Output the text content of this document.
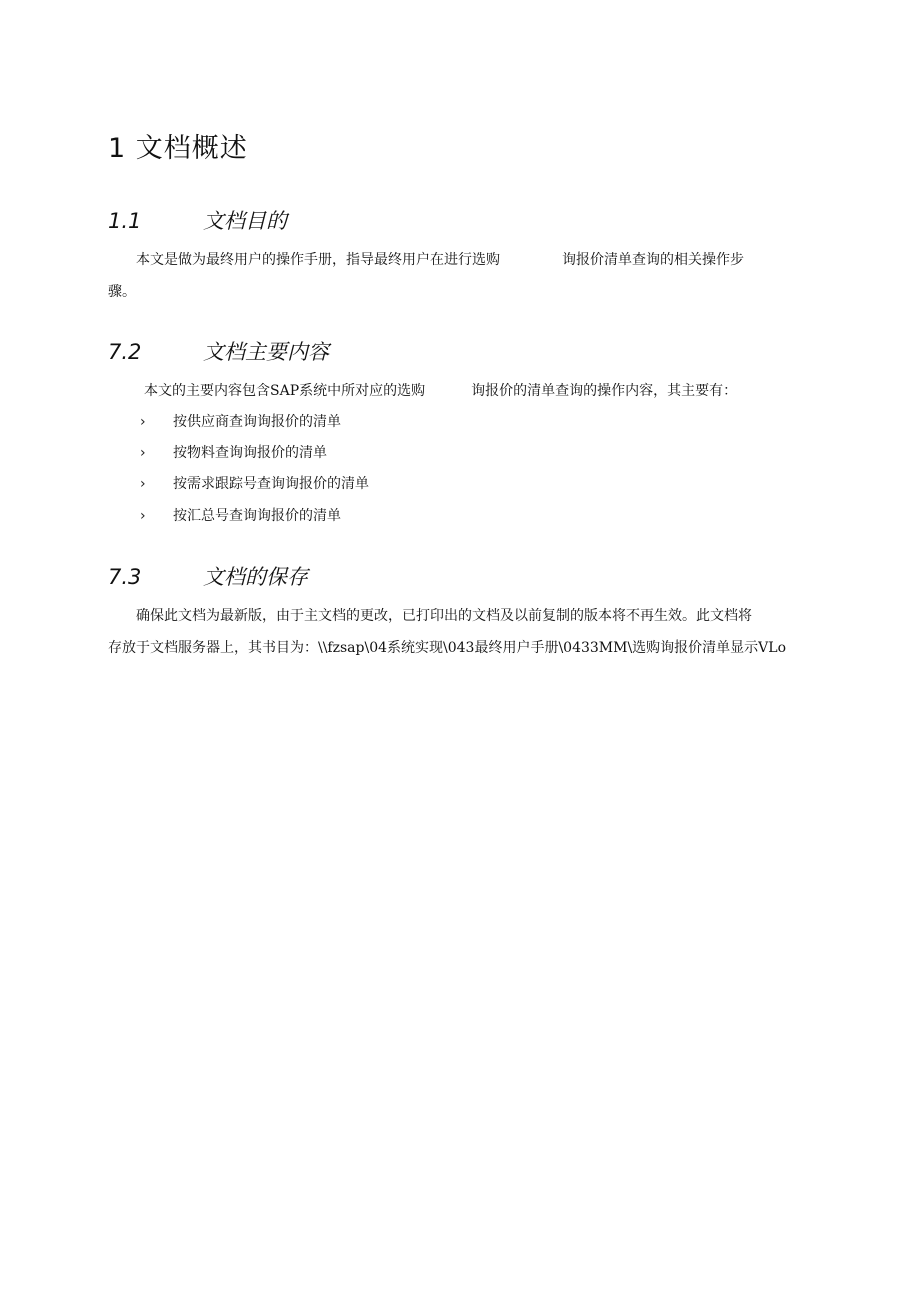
1 文档概述
1.1	文档目的
本文是做为最终用户的操作手册，指导最终用户在进行选购	询报价清单查询的相关操作步
骤。
7.2	文档主要内容
本文的主要内容包含SAP系统中所对应的选购	询报价的清单查询的操作内容，其主要有：
› 按供应商查询询报价的清单
› 按物料查询询报价的清单
› 按需求跟踪号查询询报价的清单
› 按汇总号查询询报价的清单
7.3	文档的保存
确保此文档为最新版，由于主文档的更改，已打印出的文档及以前复制的版本将不再生效。此文档将
存放于文档服务器上，其书目为：\\fzsap\04系统实现\043最终用户手册\0433MM\选购询报价清单显示VLo
